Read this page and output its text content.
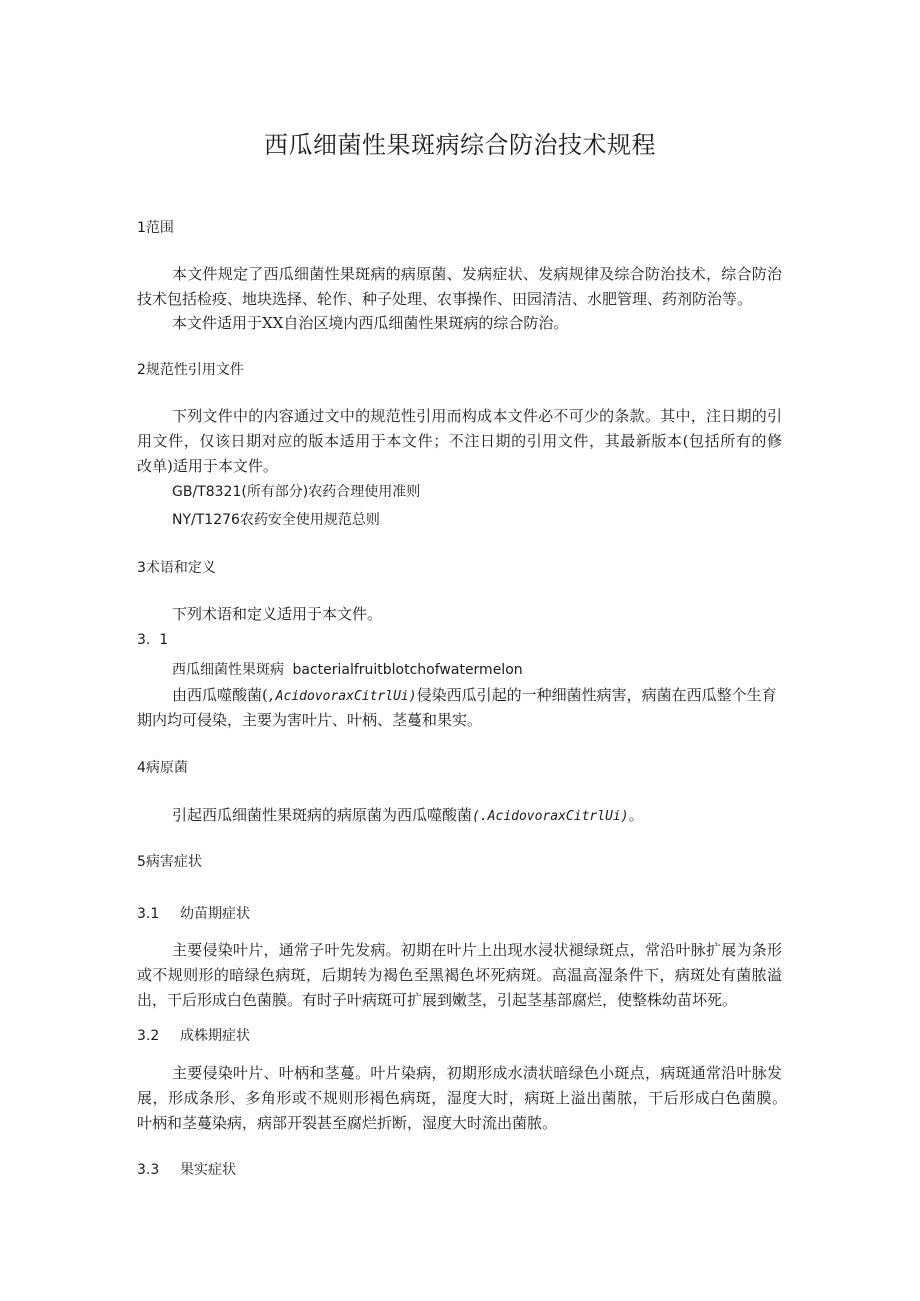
西瓜细菌性果斑病综合防治技术规程
1范围
本文件规定了西瓜细菌性果斑病的病原菌、发病症状、发病规律及综合防治技术，综合防治
技术包括检疫、地块选择、轮作、种子处理、农事操作、田园清洁、水肥管理、药剂防治等。
本文件适用于XX自治区境内西瓜细菌性果斑病的综合防治。
2规范性引用文件
下列文件中的内容通过文中的规范性引用而构成本文件必不可少的条款。其中，注日期的引
用文件，仅该日期对应的版本适用于本文件；不注日期的引用文件，其最新版本(包括所有的修
改单)适用于本文件。
GB/T8321(所有部分)农药合理使用准则
NY/T1276农药安全使用规范总则
3术语和定义
下列术语和定义适用于本文件。
3.  1
西瓜细菌性果斑病 bacterialfruitblotchofwatermelon
由西瓜噬酸菌(,AcidovoraxCitrlUi)侵染西瓜引起的一种细菌性病害，病菌在西瓜整个生育
期内均可侵染，主要为害叶片、叶柄、茎蔓和果实。
4病原菌
引起西瓜细菌性果斑病的病原菌为西瓜噬酸菌(.AcidovoraxCitrlUi)。
5病害症状
3.1 幼苗期症状
主要侵染叶片，通常子叶先发病。初期在叶片上出现水浸状褪绿斑点，常沿叶脉扩展为条形
或不规则形的暗绿色病斑，后期转为褐色至黑褐色坏死病斑。高温高湿条件下，病斑处有菌脓溢
出，干后形成白色菌膜。有时子叶病斑可扩展到嫩茎，引起茎基部腐烂，使整株幼苗坏死。
3.2 成株期症状
主要侵染叶片、叶柄和茎蔓。叶片染病，初期形成水渍状暗绿色小斑点，病斑通常沿叶脉发
展，形成条形、多角形或不规则形褐色病斑，湿度大时，病斑上溢出菌脓，干后形成白色菌膜。
叶柄和茎蔓染病，病部开裂甚至腐烂折断，湿度大时流出菌脓。
3.3 果实症状
